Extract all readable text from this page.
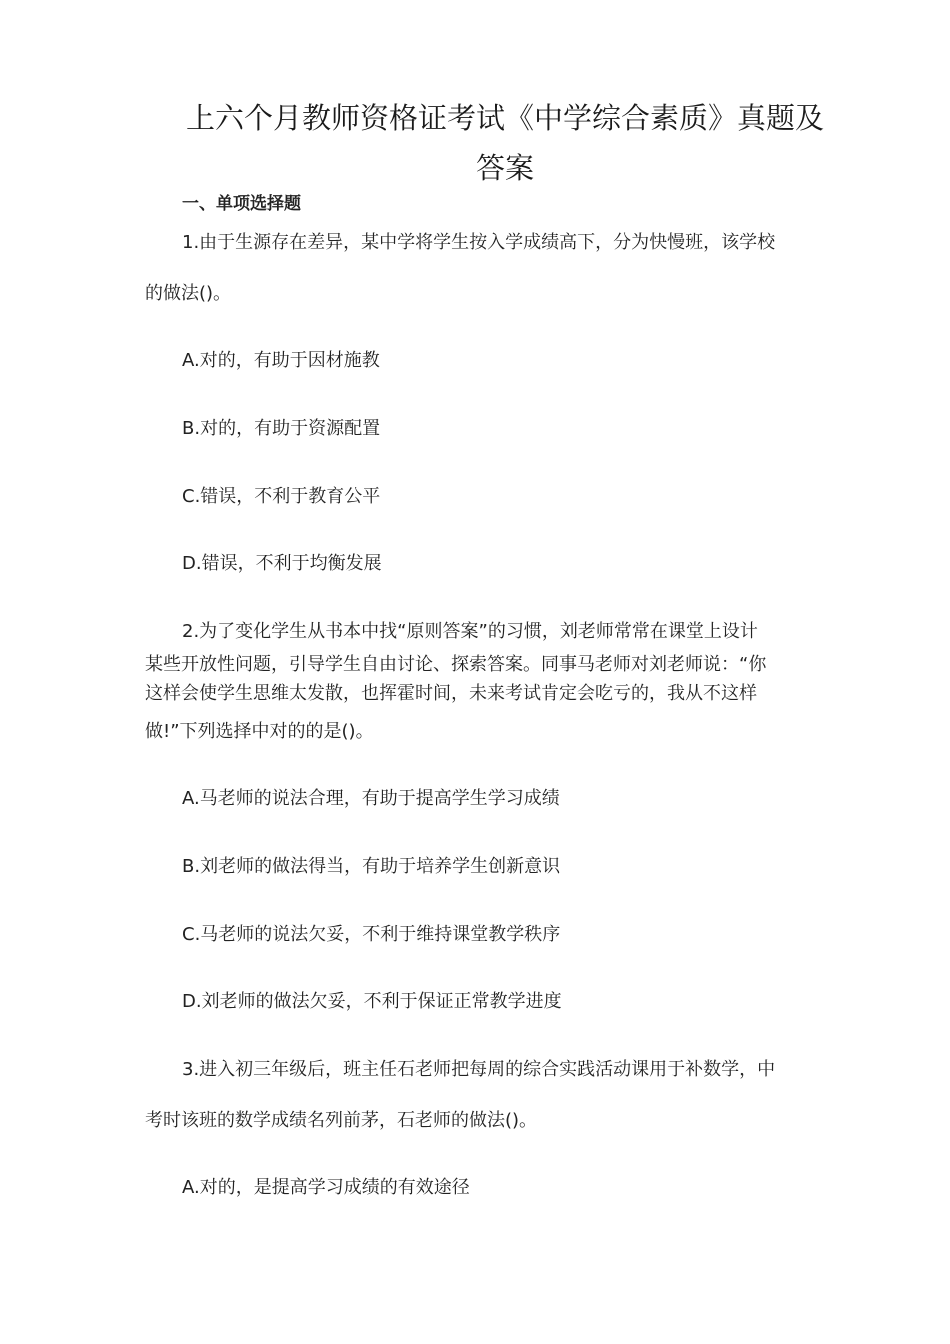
上六个月教师资格证考试《中学综合素质》真题及
答案
一、单项选择题
1.由于生源存在差异，某中学将学生按入学成绩高下，分为快慢班，该学校
的做法()。
A.对的，有助于因材施教
B.对的，有助于资源配置
C.错误，不利于教育公平
D.错误，不利于均衡发展
2.为了变化学生从书本中找“原则答案”的习惯，刘老师常常在课堂上设计
某些开放性问题，引导学生自由讨论、探索答案。同事马老师对刘老师说：“你
这样会使学生思维太发散，也挥霍时间，未来考试肯定会吃亏的，我从不这样
做!”下列选择中对的的是()。
A.马老师的说法合理，有助于提高学生学习成绩
B.刘老师的做法得当，有助于培养学生创新意识
C.马老师的说法欠妥，不利于维持课堂教学秩序
D.刘老师的做法欠妥，不利于保证正常教学进度
3.进入初三年级后，班主任石老师把每周的综合实践活动课用于补数学，中
考时该班的数学成绩名列前茅，石老师的做法()。
A.对的，是提高学习成绩的有效途径
